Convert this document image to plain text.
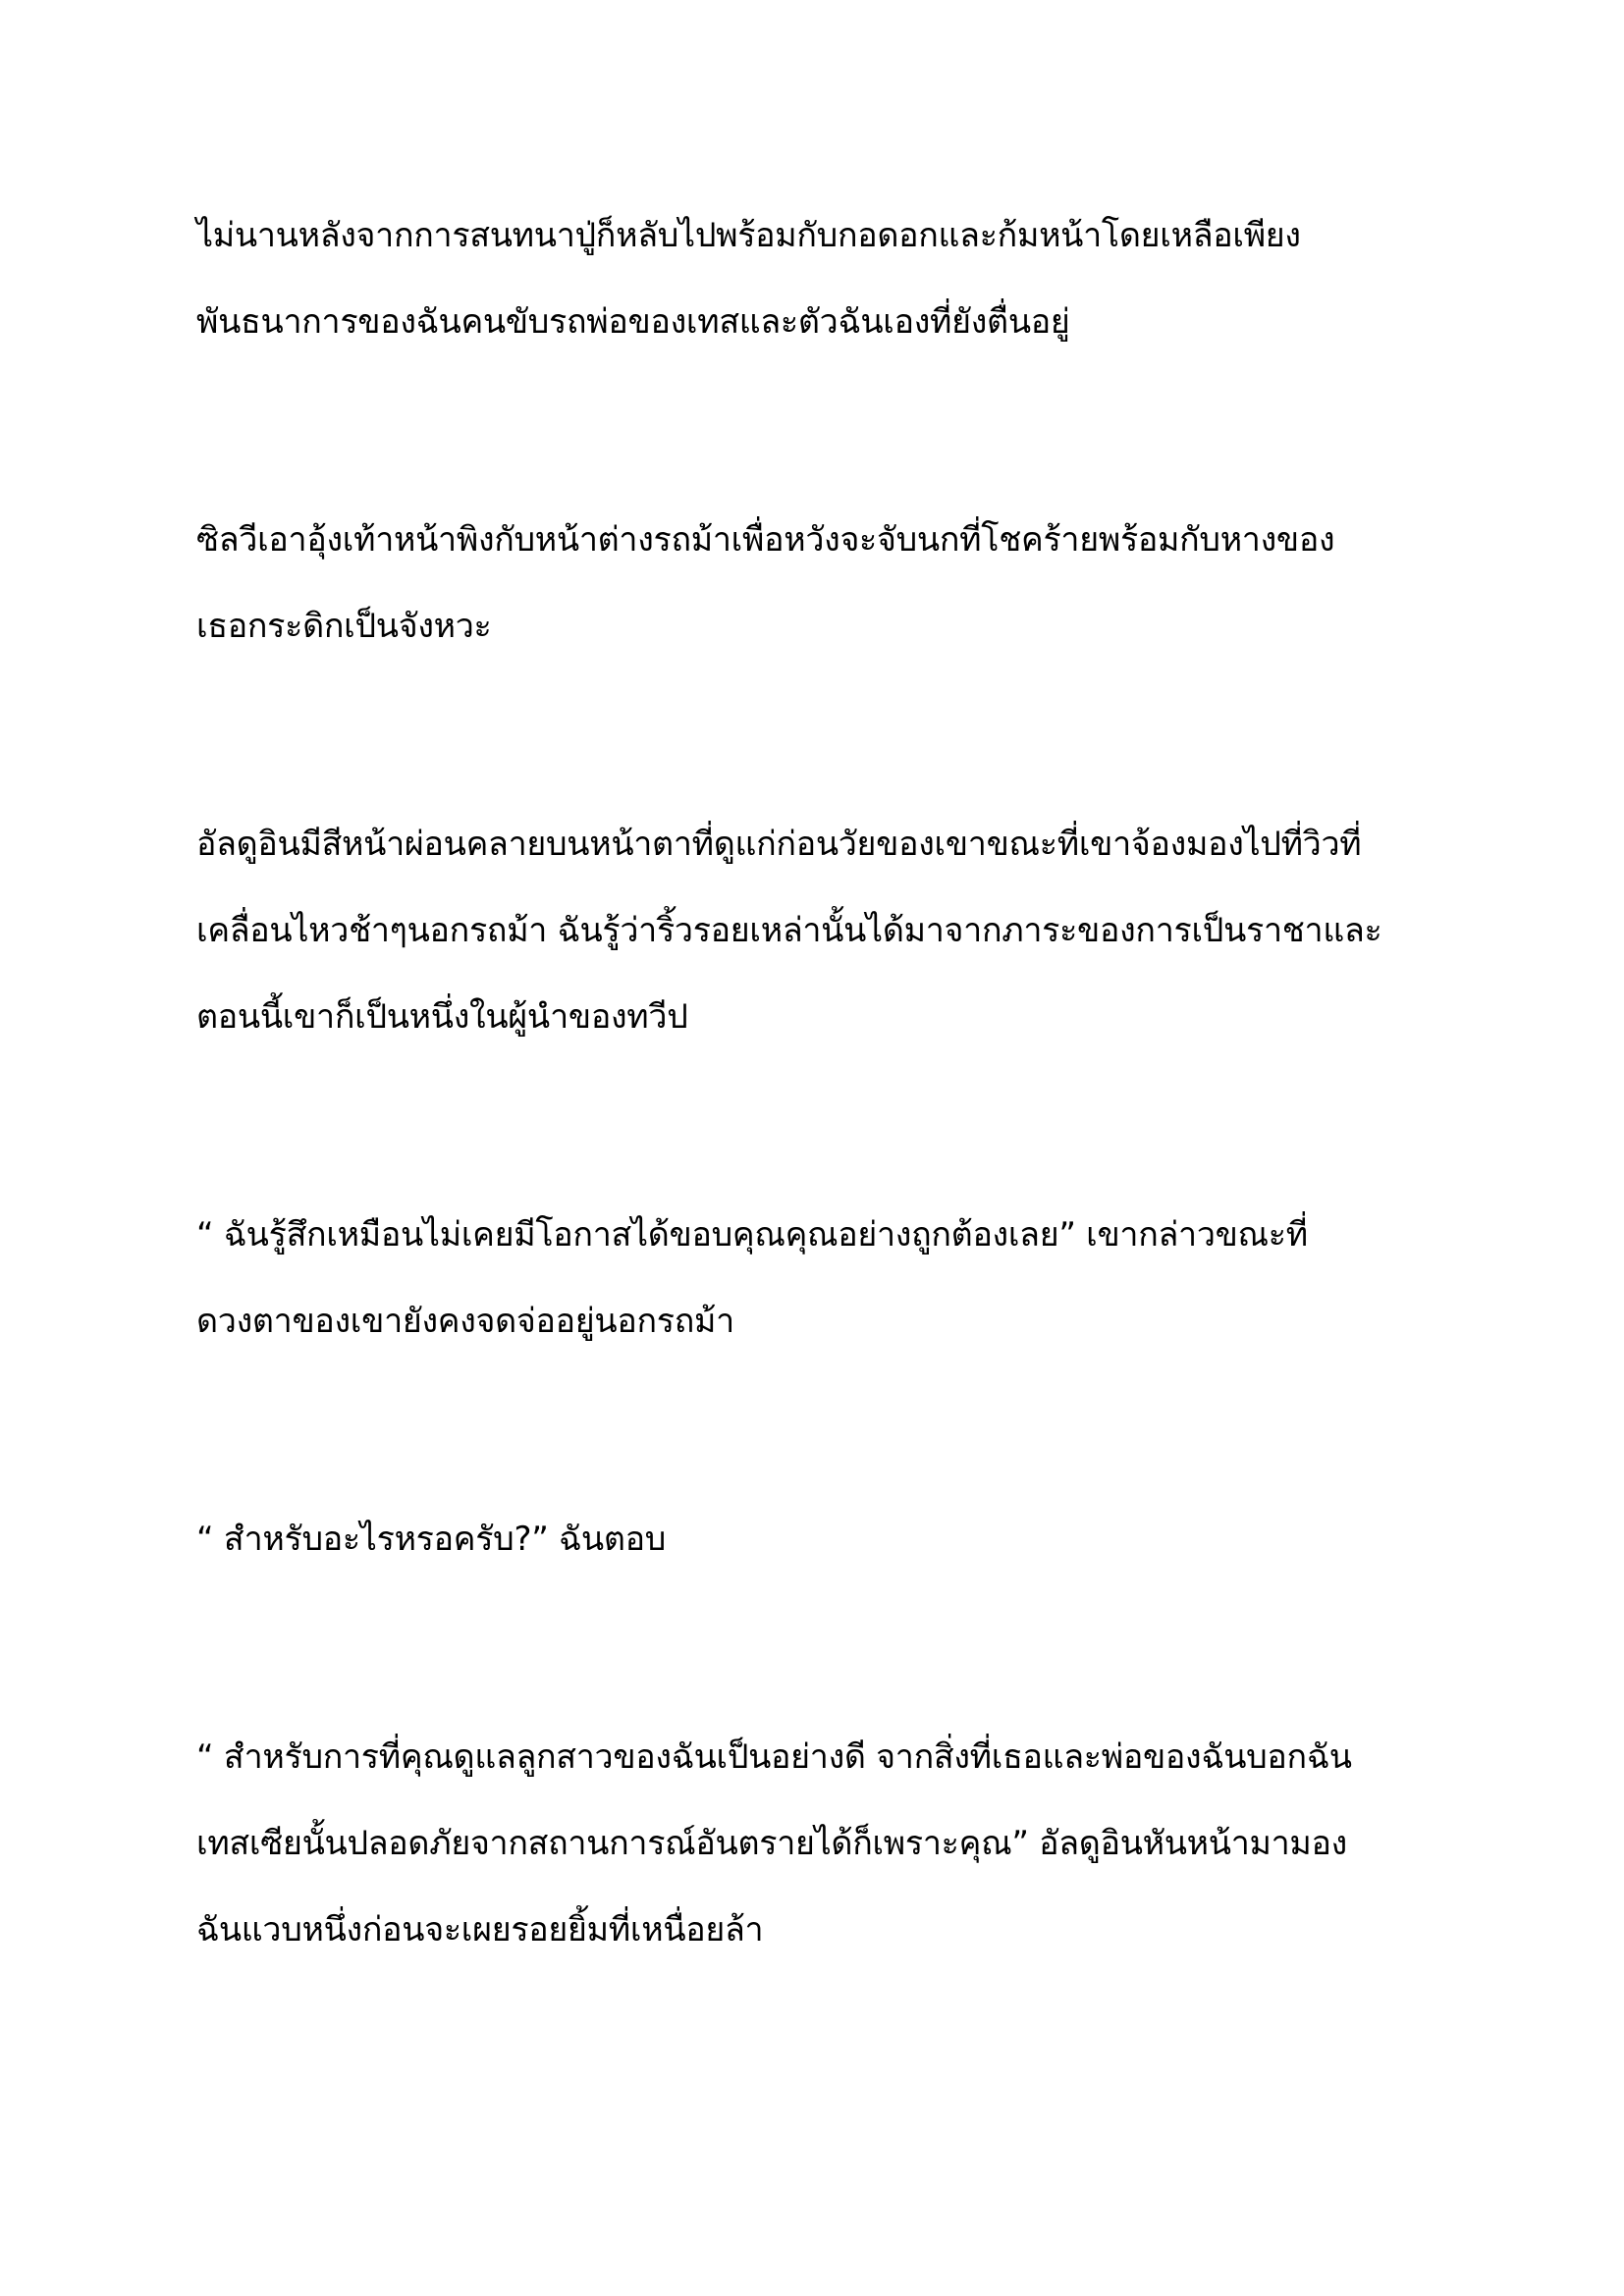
ไม่นานหลังจากการสนทนาปู่ก็หลับไปพร้อมกับกอดอกและก้มหน้าโดยเหลือเพียง
พันธนาการของฉันคนขับรถพ่อของเทสและตัวฉันเองที่ยังตื่นอยู่

ซิลวีเอาอุ้งเท้าหน้าพิงกับหน้าต่างรถม้าเพื่อหวังจะจับนกที่โชคร้ายพร้อมกับหางของ
เธอกระดิกเป็นจังหวะ

อัลดูอินมีสีหน้าผ่อนคลายบนหน้าตาที่ดูแก่ก่อนวัยของเขาขณะที่เขาจ้องมองไปที่วิวที่
เคลื่อนไหวช้าๆนอกรถม้า ฉันรู้ว่าริ้วรอยเหล่านั้นได้มาจากภาระของการเป็นราชาและ
ตอนนี้เขาก็เป็นหนึ่งในผู้นำของทวีป

“ ฉันรู้สึกเหมือนไม่เคยมีโอกาสได้ขอบคุณคุณอย่างถูกต้องเลย” เขากล่าวขณะที่
ดวงตาของเขายังคงจดจ่ออยู่นอกรถม้า

“ สำหรับอะไรหรอครับ?” ฉันตอบ

“ สำหรับการที่คุณดูแลลูกสาวของฉันเป็นอย่างดี จากสิ่งที่เธอและพ่อของฉันบอกฉัน
เทสเซียนั้นปลอดภัยจากสถานการณ์อันตรายได้ก็เพราะคุณ” อัลดูอินหันหน้ามามอง
ฉันแวบหนึ่งก่อนจะเผยรอยยิ้มที่เหนื่อยล้า
